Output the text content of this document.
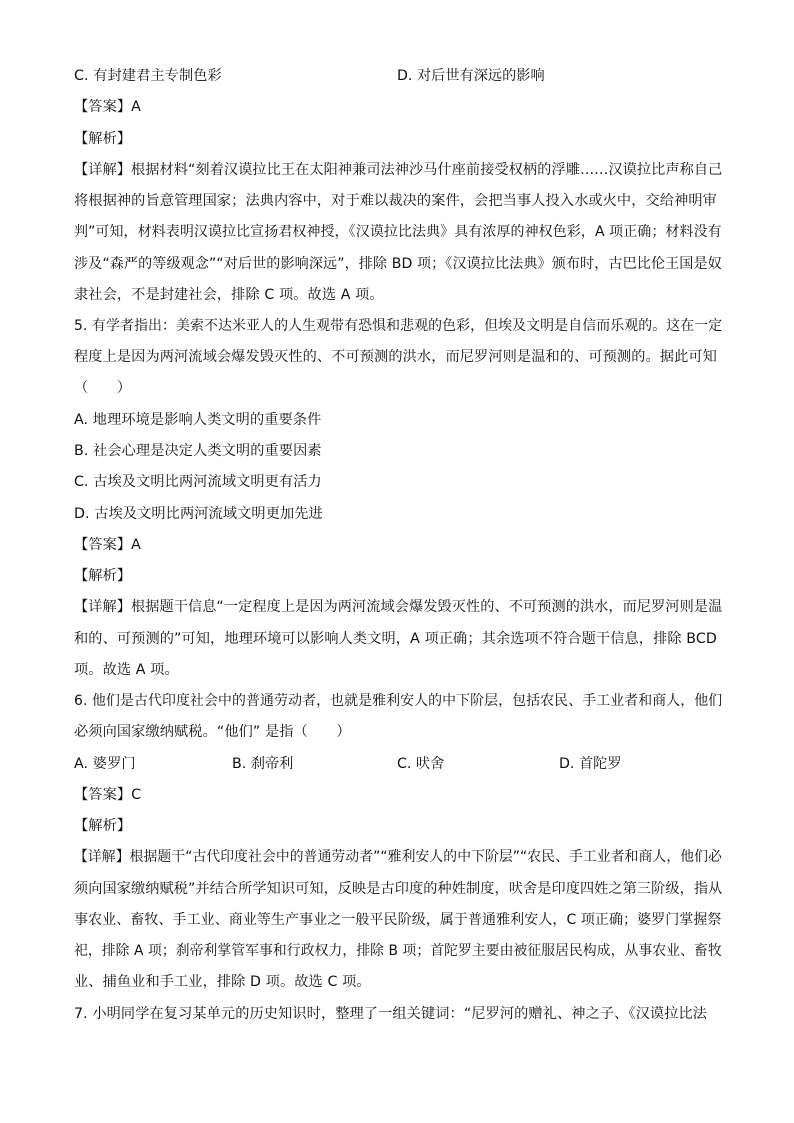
C. 有封建君主专制色彩	D. 对后世有深远的影响
【答案】A
【解析】
【详解】根据材料“刻着汉谟拉比王在太阳神兼司法神沙马什座前接受权柄的浮雕……汉谟拉比声称自己
将根据神的旨意管理国家；法典内容中，对于难以裁决的案件，会把当事人投入水或火中，交给神明审
判”可知，材料表明汉谟拉比宣扬君权神授，《汉谟拉比法典》具有浓厚的神权色彩，A 项正确；材料没有
涉及“森严的等级观念”“对后世的影响深远”，排除 BD 项；《汉谟拉比法典》颁布时，古巴比伦王国是奴
隶社会，不是封建社会，排除 C 项。故选 A 项。
5. 有学者指出：美索不达米亚人的人生观带有恐惧和悲观的色彩，但埃及文明是自信而乐观的。这在一定
程度上是因为两河流域会爆发毁灭性的、不可预测的洪水，而尼罗河则是温和的、可预测的。据此可知
（　　）
A. 地理环境是影响人类文明的重要条件
B. 社会心理是决定人类文明的重要因素
C. 古埃及文明比两河流域文明更有活力
D. 古埃及文明比两河流域文明更加先进
【答案】A
【解析】
【详解】根据题干信息“一定程度上是因为两河流域会爆发毁灭性的、不可预测的洪水，而尼罗河则是温
和的、可预测的”可知，地理环境可以影响人类文明，A 项正确；其余选项不符合题干信息，排除 BCD
项。故选 A 项。
6. 他们是古代印度社会中的普通劳动者，也就是雅利安人的中下阶层，包括农民、手工业者和商人，他们
必须向国家缴纳赋税。“他们” 是指（　　）
A. 婆罗门	B. 刹帝利	C. 吠舍	D. 首陀罗
【答案】C
【解析】
【详解】根据题干“古代印度社会中的普通劳动者”“雅利安人的中下阶层”“农民、手工业者和商人，他们必
须向国家缴纳赋税”并结合所学知识可知，反映是古印度的种姓制度，吠舍是印度四姓之第三阶级，指从
事农业、畜牧、手工业、商业等生产事业之一般平民阶级，属于普通雅利安人，C 项正确；婆罗门掌握祭
祀，排除 A 项；刹帝利掌管军事和行政权力，排除 B 项；首陀罗主要由被征服居民构成，从事农业、畜牧
业、捕鱼业和手工业，排除 D 项。故选 C 项。
7. 小明同学在复习某单元的历史知识时，整理了一组关键词：“尼罗河的赠礼、神之子、《汉谟拉比法
